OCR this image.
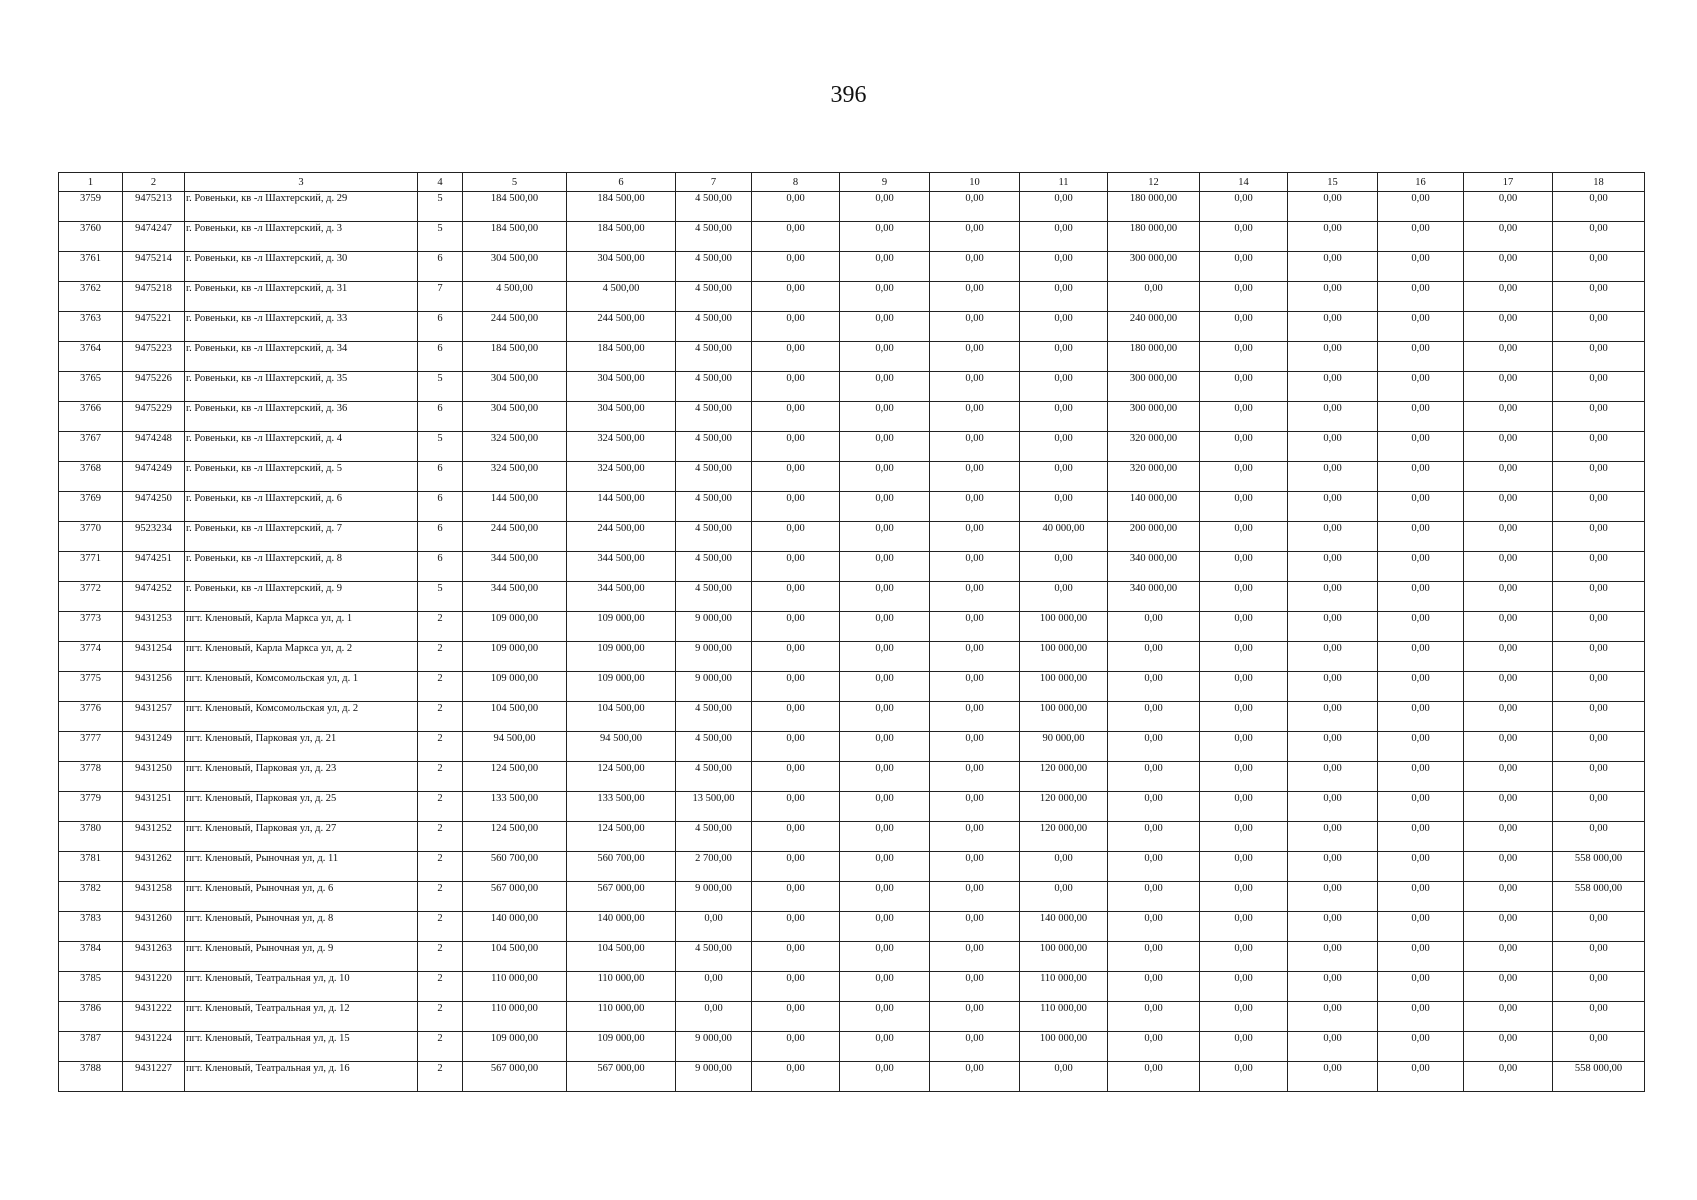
396
1	2	3	4	5	6	7	8	9	10	11	12	14	15	16	17	18
3759	9475213	г. Ровеньки, кв -л Шахтерский, д. 29	5	184 500,00	184 500,00	4 500,00	0,00	0,00	0,00	0,00	180 000,00	0,00	0,00	0,00	0,00	0,00
3760	9474247	г. Ровеньки, кв -л Шахтерский, д. 3	5	184 500,00	184 500,00	4 500,00	0,00	0,00	0,00	0,00	180 000,00	0,00	0,00	0,00	0,00	0,00
3761	9475214	г. Ровеньки, кв -л Шахтерский, д. 30	6	304 500,00	304 500,00	4 500,00	0,00	0,00	0,00	0,00	300 000,00	0,00	0,00	0,00	0,00	0,00
3762	9475218	г. Ровеньки, кв -л Шахтерский, д. 31	7	4 500,00	4 500,00	4 500,00	0,00	0,00	0,00	0,00	0,00	0,00	0,00	0,00	0,00	0,00
3763	9475221	г. Ровеньки, кв -л Шахтерский, д. 33	6	244 500,00	244 500,00	4 500,00	0,00	0,00	0,00	0,00	240 000,00	0,00	0,00	0,00	0,00	0,00
3764	9475223	г. Ровеньки, кв -л Шахтерский, д. 34	6	184 500,00	184 500,00	4 500,00	0,00	0,00	0,00	0,00	180 000,00	0,00	0,00	0,00	0,00	0,00
3765	9475226	г. Ровеньки, кв -л Шахтерский, д. 35	5	304 500,00	304 500,00	4 500,00	0,00	0,00	0,00	0,00	300 000,00	0,00	0,00	0,00	0,00	0,00
3766	9475229	г. Ровеньки, кв -л Шахтерский, д. 36	6	304 500,00	304 500,00	4 500,00	0,00	0,00	0,00	0,00	300 000,00	0,00	0,00	0,00	0,00	0,00
3767	9474248	г. Ровеньки, кв -л Шахтерский, д. 4	5	324 500,00	324 500,00	4 500,00	0,00	0,00	0,00	0,00	320 000,00	0,00	0,00	0,00	0,00	0,00
3768	9474249	г. Ровеньки, кв -л Шахтерский, д. 5	6	324 500,00	324 500,00	4 500,00	0,00	0,00	0,00	0,00	320 000,00	0,00	0,00	0,00	0,00	0,00
3769	9474250	г. Ровеньки, кв -л Шахтерский, д. 6	6	144 500,00	144 500,00	4 500,00	0,00	0,00	0,00	0,00	140 000,00	0,00	0,00	0,00	0,00	0,00
3770	9523234	г. Ровеньки, кв -л Шахтерский, д. 7	6	244 500,00	244 500,00	4 500,00	0,00	0,00	0,00	40 000,00	200 000,00	0,00	0,00	0,00	0,00	0,00
3771	9474251	г. Ровеньки, кв -л Шахтерский, д. 8	6	344 500,00	344 500,00	4 500,00	0,00	0,00	0,00	0,00	340 000,00	0,00	0,00	0,00	0,00	0,00
3772	9474252	г. Ровеньки, кв -л Шахтерский, д. 9	5	344 500,00	344 500,00	4 500,00	0,00	0,00	0,00	0,00	340 000,00	0,00	0,00	0,00	0,00	0,00
3773	9431253	пгт. Кленовый, Карла Маркса ул, д. 1	2	109 000,00	109 000,00	9 000,00	0,00	0,00	0,00	100 000,00	0,00	0,00	0,00	0,00	0,00	0,00
3774	9431254	пгт. Кленовый, Карла Маркса ул, д. 2	2	109 000,00	109 000,00	9 000,00	0,00	0,00	0,00	100 000,00	0,00	0,00	0,00	0,00	0,00	0,00
3775	9431256	пгт. Кленовый, Комсомольская ул, д. 1	2	109 000,00	109 000,00	9 000,00	0,00	0,00	0,00	100 000,00	0,00	0,00	0,00	0,00	0,00	0,00
3776	9431257	пгт. Кленовый, Комсомольская ул, д. 2	2	104 500,00	104 500,00	4 500,00	0,00	0,00	0,00	100 000,00	0,00	0,00	0,00	0,00	0,00	0,00
3777	9431249	пгт. Кленовый, Парковая ул, д. 21	2	94 500,00	94 500,00	4 500,00	0,00	0,00	0,00	90 000,00	0,00	0,00	0,00	0,00	0,00	0,00
3778	9431250	пгт. Кленовый, Парковая ул, д. 23	2	124 500,00	124 500,00	4 500,00	0,00	0,00	0,00	120 000,00	0,00	0,00	0,00	0,00	0,00	0,00
3779	9431251	пгт. Кленовый, Парковая ул, д. 25	2	133 500,00	133 500,00	13 500,00	0,00	0,00	0,00	120 000,00	0,00	0,00	0,00	0,00	0,00	0,00
3780	9431252	пгт. Кленовый, Парковая ул, д. 27	2	124 500,00	124 500,00	4 500,00	0,00	0,00	0,00	120 000,00	0,00	0,00	0,00	0,00	0,00	0,00
3781	9431262	пгт. Кленовый, Рыночная ул, д. 11	2	560 700,00	560 700,00	2 700,00	0,00	0,00	0,00	0,00	0,00	0,00	0,00	0,00	0,00	558 000,00
3782	9431258	пгт. Кленовый, Рыночная ул, д. 6	2	567 000,00	567 000,00	9 000,00	0,00	0,00	0,00	0,00	0,00	0,00	0,00	0,00	0,00	558 000,00
3783	9431260	пгт. Кленовый, Рыночная ул, д. 8	2	140 000,00	140 000,00	0,00	0,00	0,00	0,00	140 000,00	0,00	0,00	0,00	0,00	0,00	0,00
3784	9431263	пгт. Кленовый, Рыночная ул, д. 9	2	104 500,00	104 500,00	4 500,00	0,00	0,00	0,00	100 000,00	0,00	0,00	0,00	0,00	0,00	0,00
3785	9431220	пгт. Кленовый, Театральная ул, д. 10	2	110 000,00	110 000,00	0,00	0,00	0,00	0,00	110 000,00	0,00	0,00	0,00	0,00	0,00	0,00
3786	9431222	пгт. Кленовый, Театральная ул, д. 12	2	110 000,00	110 000,00	0,00	0,00	0,00	0,00	110 000,00	0,00	0,00	0,00	0,00	0,00	0,00
3787	9431224	пгт. Кленовый, Театральная ул, д. 15	2	109 000,00	109 000,00	9 000,00	0,00	0,00	0,00	100 000,00	0,00	0,00	0,00	0,00	0,00	0,00
3788	9431227	пгт. Кленовый, Театральная ул, д. 16	2	567 000,00	567 000,00	9 000,00	0,00	0,00	0,00	0,00	0,00	0,00	0,00	0,00	0,00	558 000,00
